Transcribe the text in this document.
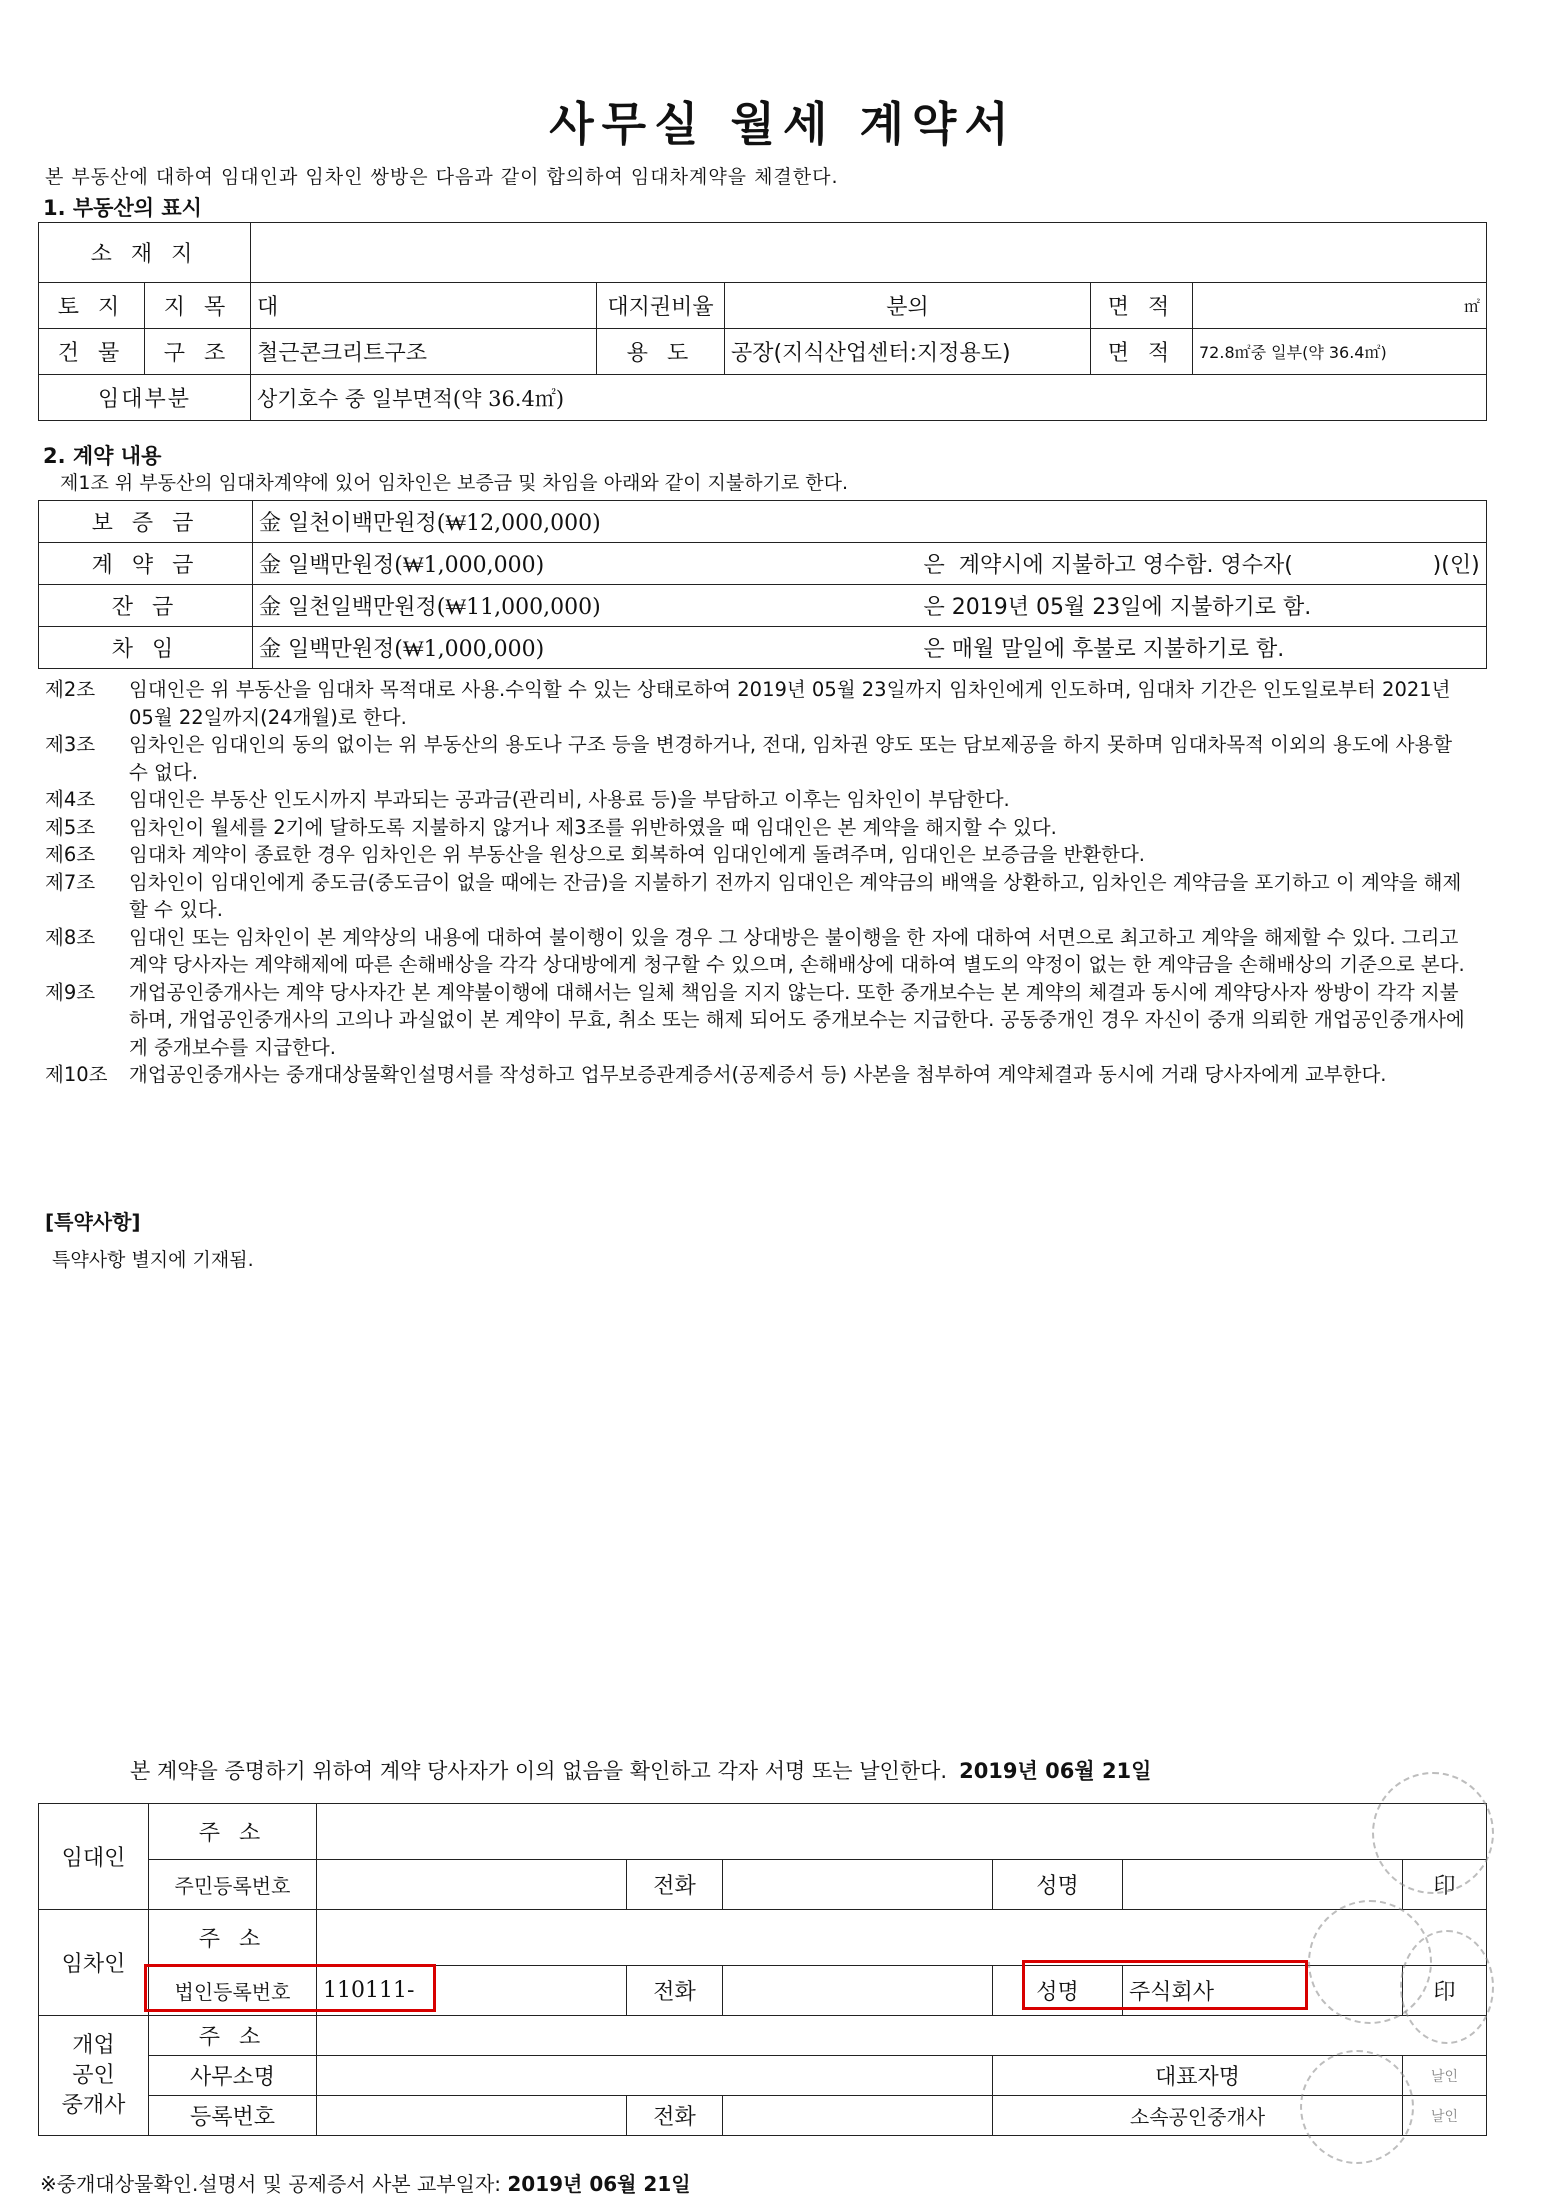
사무실 월세 계약서
본 부동산에 대하여 임대인과 임차인 쌍방은 다음과 같이 합의하여 임대차계약을 체결한다.
1. 부동산의 표시
소 재 지						
토 지	지 목	대	대지권비율	분의	면 적	㎡
건 물	구 조	철근콘크리트구조	용 도	공장(지식산업센터:지정용도)	면 적	72.8㎡중 일부(약 36.4㎡)
임대부분		상기호수 중 일부면적(약 36.4㎡)				
2. 계약 내용
제1조 위 부동산의 임대차계약에 있어 임차인은 보증금 및 차임을 아래와 같이 지불하기로 한다.
보 증 금	金 일천이백만원정(₩12,000,000)	
계 약 금	金 일백만원정(₩1,000,000)	은  계약시에 지불하고 영수함. 영수자(                    )(인)
잔 금	金 일천일백만원정(₩11,000,000)	은 2019년 05월 23일에 지불하기로 함.
차 임	金 일백만원정(₩1,000,000)	은 매월 말일에 후불로 지불하기로 함.
제2조	임대인은 위 부동산을 임대차 목적대로 사용.수익할 수 있는 상태로하여 2019년 05월 23일까지 임차인에게 인도하며, 임대차 기간은 인도일로부터 2021년 05월 22일까지(24개월)로 한다.
제3조	임차인은 임대인의 동의 없이는 위 부동산의 용도나 구조 등을 변경하거나, 전대, 임차권 양도 또는 담보제공을 하지 못하며 임대차목적 이외의 용도에 사용할 수 없다.
제4조	임대인은 부동산 인도시까지 부과되는 공과금(관리비, 사용료 등)을 부담하고 이후는 임차인이 부담한다.
제5조	임차인이 월세를 2기에 달하도록 지불하지 않거나 제3조를 위반하였을 때 임대인은 본 계약을 해지할 수 있다.
제6조	임대차 계약이 종료한 경우 임차인은 위 부동산을 원상으로 회복하여 임대인에게 돌려주며, 임대인은 보증금을 반환한다.
제7조	임차인이 임대인에게 중도금(중도금이 없을 때에는 잔금)을 지불하기 전까지 임대인은 계약금의 배액을 상환하고, 임차인은 계약금을 포기하고 이 계약을 해제할 수 있다.
제8조	임대인 또는 임차인이 본 계약상의 내용에 대하여 불이행이 있을 경우 그 상대방은 불이행을 한 자에 대하여 서면으로 최고하고 계약을 해제할 수 있다. 그리고 계약 당사자는 계약해제에 따른 손해배상을 각각 상대방에게 청구할 수 있으며, 손해배상에 대하여 별도의 약정이 없는 한 계약금을 손해배상의 기준으로 본다.
제9조	개업공인중개사는 계약 당사자간 본 계약불이행에 대해서는 일체 책임을 지지 않는다. 또한 중개보수는 본 계약의 체결과 동시에 계약당사자 쌍방이 각각 지불하며, 개업공인중개사의 고의나 과실없이 본 계약이 무효, 취소 또는 해제 되어도 중개보수는 지급한다. 공동중개인 경우 자신이 중개 의뢰한 개업공인중개사에게 중개보수를 지급한다.
제10조	개업공인중개사는 중개대상물확인설명서를 작성하고 업무보증관계증서(공제증서 등) 사본을 첨부하여 계약체결과 동시에 거래 당사자에게 교부한다.
[특약사항]
특약사항 별지에 기재됨.
본 계약을 증명하기 위하여 계약 당사자가 이의 없음을 확인하고 각자 서명 또는 날인한다. 2019년 06월 21일
임대인	주 소						
	주민등록번호		전화		성명		印
임차인	주 소						
	법인등록번호	110111-	전화		성명	주식회사	印

개업
공인
중개사	주 소						
	사무소명				대표자명		날인
	등록번호		전화		소속공인중개사		날인
※중개대상물확인.설명서 및 공제증서 사본 교부일자: 2019년 06월 21일
